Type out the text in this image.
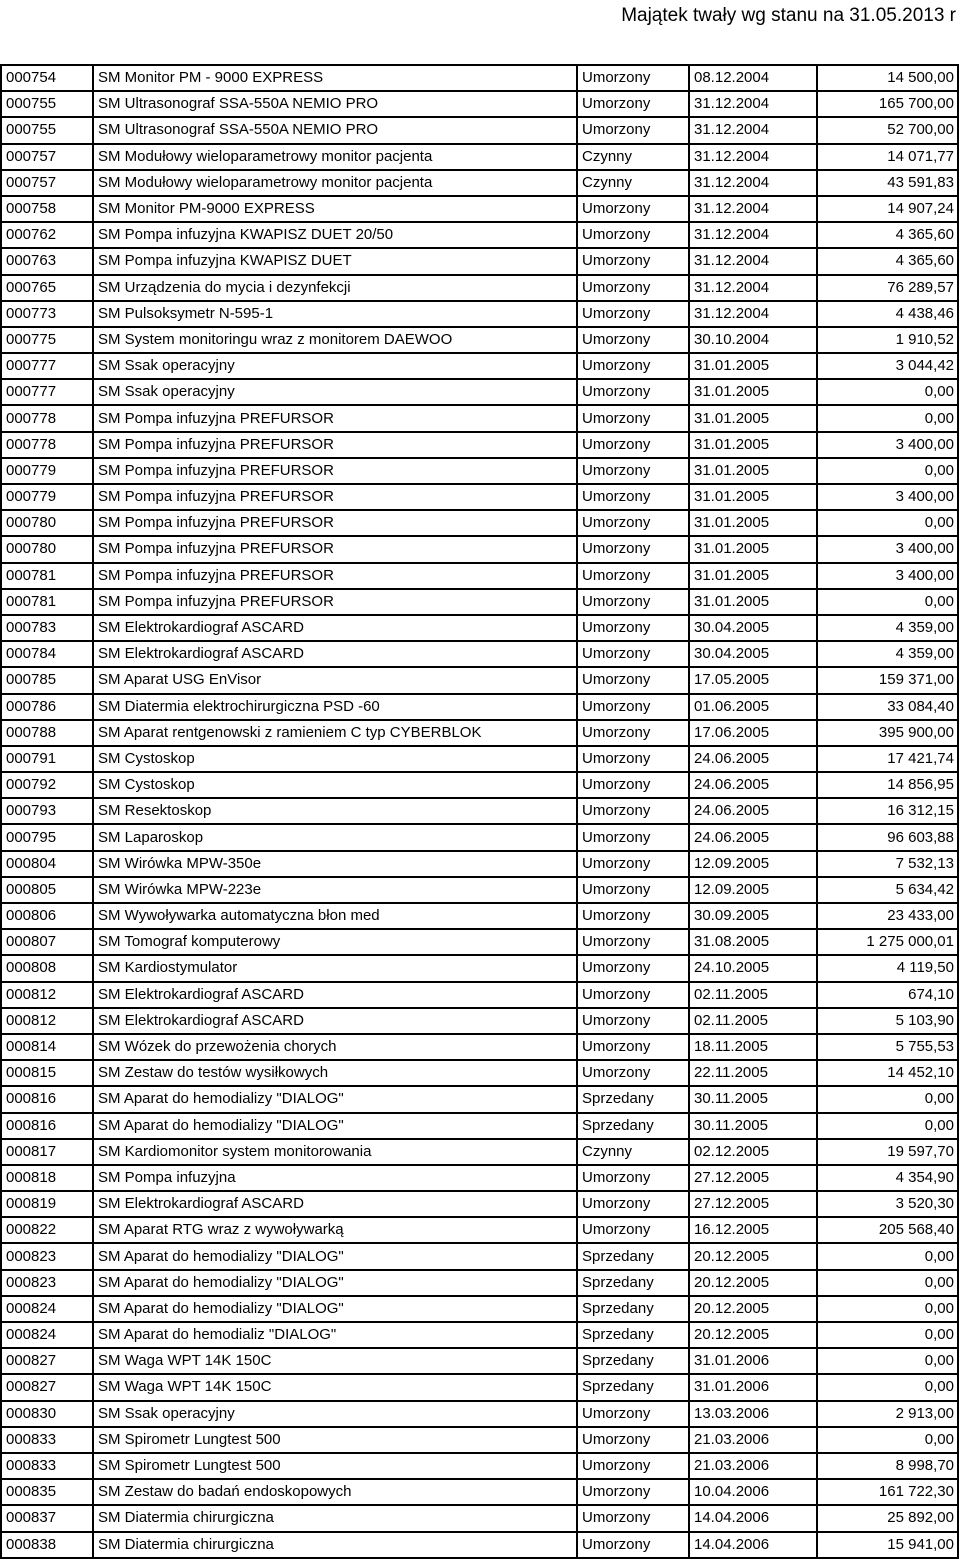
Majątek twały wg stanu na 31.05.2013 r
000754	SM Monitor PM - 9000 EXPRESS	Umorzony	08.12.2004	14 500,00
000755	SM Ultrasonograf SSA-550A NEMIO PRO	Umorzony	31.12.2004	165 700,00
000755	SM Ultrasonograf SSA-550A NEMIO PRO	Umorzony	31.12.2004	52 700,00
000757	SM Modułowy wieloparametrowy monitor pacjenta	Czynny	31.12.2004	14 071,77
000757	SM Modułowy wieloparametrowy monitor pacjenta	Czynny	31.12.2004	43 591,83
000758	SM Monitor PM-9000 EXPRESS	Umorzony	31.12.2004	14 907,24
000762	SM Pompa infuzyjna KWAPISZ DUET 20/50	Umorzony	31.12.2004	4 365,60
000763	SM Pompa infuzyjna KWAPISZ DUET	Umorzony	31.12.2004	4 365,60
000765	SM Urządzenia do mycia i dezynfekcji	Umorzony	31.12.2004	76 289,57
000773	SM Pulsoksymetr N-595-1	Umorzony	31.12.2004	4 438,46
000775	SM System monitoringu wraz z monitorem DAEWOO	Umorzony	30.10.2004	1 910,52
000777	SM Ssak operacyjny	Umorzony	31.01.2005	3 044,42
000777	SM Ssak operacyjny	Umorzony	31.01.2005	0,00
000778	SM Pompa infuzyjna PREFURSOR	Umorzony	31.01.2005	0,00
000778	SM Pompa infuzyjna PREFURSOR	Umorzony	31.01.2005	3 400,00
000779	SM Pompa infuzyjna PREFURSOR	Umorzony	31.01.2005	0,00
000779	SM Pompa infuzyjna PREFURSOR	Umorzony	31.01.2005	3 400,00
000780	SM Pompa infuzyjna PREFURSOR	Umorzony	31.01.2005	0,00
000780	SM Pompa infuzyjna PREFURSOR	Umorzony	31.01.2005	3 400,00
000781	SM Pompa infuzyjna PREFURSOR	Umorzony	31.01.2005	3 400,00
000781	SM Pompa infuzyjna PREFURSOR	Umorzony	31.01.2005	0,00
000783	SM Elektrokardiograf ASCARD	Umorzony	30.04.2005	4 359,00
000784	SM Elektrokardiograf ASCARD	Umorzony	30.04.2005	4 359,00
000785	SM Aparat USG EnVisor	Umorzony	17.05.2005	159 371,00
000786	SM Diatermia elektrochirurgiczna PSD -60	Umorzony	01.06.2005	33 084,40
000788	SM Aparat rentgenowski z ramieniem C typ CYBERBLOK	Umorzony	17.06.2005	395 900,00
000791	SM Cystoskop	Umorzony	24.06.2005	17 421,74
000792	SM Cystoskop	Umorzony	24.06.2005	14 856,95
000793	SM Resektoskop	Umorzony	24.06.2005	16 312,15
000795	SM Laparoskop	Umorzony	24.06.2005	96 603,88
000804	SM Wirówka MPW-350e	Umorzony	12.09.2005	7 532,13
000805	SM Wirówka MPW-223e	Umorzony	12.09.2005	5 634,42
000806	SM Wywoływarka automatyczna błon med	Umorzony	30.09.2005	23 433,00
000807	SM Tomograf komputerowy	Umorzony	31.08.2005	1 275 000,01
000808	SM Kardiostymulator	Umorzony	24.10.2005	4 119,50
000812	SM Elektrokardiograf ASCARD	Umorzony	02.11.2005	674,10
000812	SM Elektrokardiograf ASCARD	Umorzony	02.11.2005	5 103,90
000814	SM Wózek do przewożenia chorych	Umorzony	18.11.2005	5 755,53
000815	SM Zestaw do testów wysiłkowych	Umorzony	22.11.2005	14 452,10
000816	SM Aparat do hemodializy "DIALOG"	Sprzedany	30.11.2005	0,00
000816	SM Aparat do hemodializy "DIALOG"	Sprzedany	30.11.2005	0,00
000817	SM Kardiomonitor system monitorowania	Czynny	02.12.2005	19 597,70
000818	SM Pompa infuzyjna	Umorzony	27.12.2005	4 354,90
000819	SM Elektrokardiograf ASCARD	Umorzony	27.12.2005	3 520,30
000822	SM Aparat RTG wraz z wywoływarką	Umorzony	16.12.2005	205 568,40
000823	SM Aparat do hemodializy "DIALOG"	Sprzedany	20.12.2005	0,00
000823	SM Aparat do hemodializy "DIALOG"	Sprzedany	20.12.2005	0,00
000824	SM Aparat do hemodializy "DIALOG"	Sprzedany	20.12.2005	0,00
000824	SM Aparat do hemodializ "DIALOG"	Sprzedany	20.12.2005	0,00
000827	SM Waga WPT 14K 150C	Sprzedany	31.01.2006	0,00
000827	SM Waga WPT 14K 150C	Sprzedany	31.01.2006	0,00
000830	SM Ssak operacyjny	Umorzony	13.03.2006	2 913,00
000833	SM Spirometr Lungtest 500	Umorzony	21.03.2006	0,00
000833	SM Spirometr Lungtest 500	Umorzony	21.03.2006	8 998,70
000835	SM Zestaw do badań endoskopowych	Umorzony	10.04.2006	161 722,30
000837	SM Diatermia chirurgiczna	Umorzony	14.04.2006	25 892,00
000838	SM Diatermia chirurgiczna	Umorzony	14.04.2006	15 941,00
